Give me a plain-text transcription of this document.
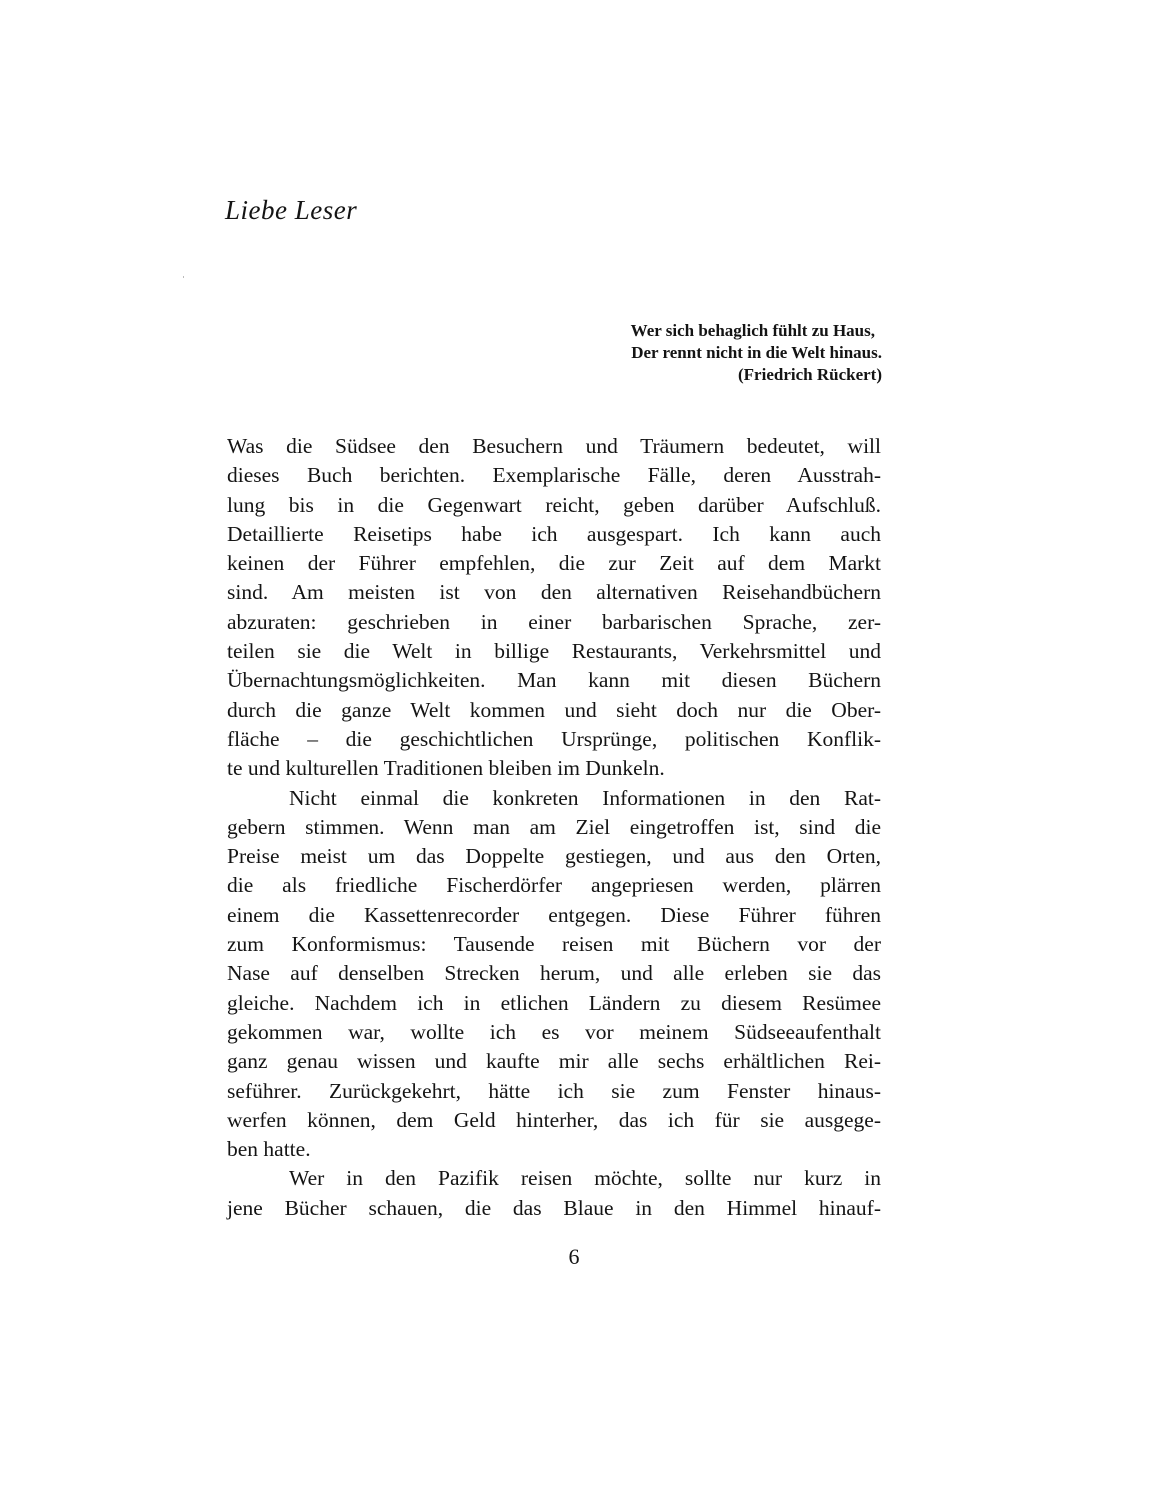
Liebe Leser
Wer sich behaglich fühlt zu Haus,
Der rennt nicht in die Welt hinaus.
(Friedrich Rückert)
Was die Südsee den Besuchern und Träumern bedeutet, will
dieses Buch berichten. Exemplarische Fälle, deren Ausstrah-
lung bis in die Gegenwart reicht, geben darüber Aufschluß.
Detaillierte Reisetips habe ich ausgespart. Ich kann auch
keinen der Führer empfehlen, die zur Zeit auf dem Markt
sind. Am meisten ist von den alternativen Reisehandbüchern
abzuraten: geschrieben in einer barbarischen Sprache, zer-
teilen sie die Welt in billige Restaurants, Verkehrsmittel und
Übernachtungsmöglichkeiten. Man kann mit diesen Büchern
durch die ganze Welt kommen und sieht doch nur die Ober-
fläche – die geschichtlichen Ursprünge, politischen Konflik-
te und kulturellen Traditionen bleiben im Dunkeln.
Nicht einmal die konkreten Informationen in den Rat-
gebern stimmen. Wenn man am Ziel eingetroffen ist, sind die
Preise meist um das Doppelte gestiegen, und aus den Orten,
die als friedliche Fischerdörfer angepriesen werden, plärren
einem die Kassettenrecorder entgegen. Diese Führer führen
zum Konformismus: Tausende reisen mit Büchern vor der
Nase auf denselben Strecken herum, und alle erleben sie das
gleiche. Nachdem ich in etlichen Ländern zu diesem Resümee
gekommen war, wollte ich es vor meinem Südseeaufenthalt
ganz genau wissen und kaufte mir alle sechs erhältlichen Rei-
seführer. Zurückgekehrt, hätte ich sie zum Fenster hinaus-
werfen können, dem Geld hinterher, das ich für sie ausgege-
ben hatte.
Wer in den Pazifik reisen möchte, sollte nur kurz in
jene Bücher schauen, die das Blaue in den Himmel hinauf-
6
